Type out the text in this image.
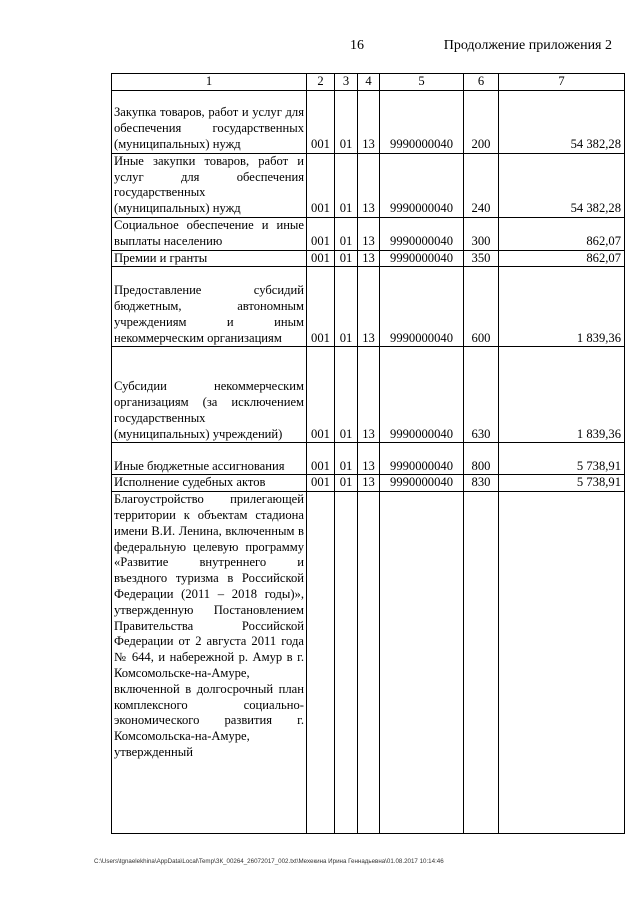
16	Продолжение приложения 2
1	2	3	4	5	6	7
Закупка товаров, работ и услуг для обеспечения государственных (муниципальных) нужд	001	01	13	9990000040	200	54 382,28
Иные закупки товаров, работ и услуг для обеспечения государственных (муниципальных) нужд	001	01	13	9990000040	240	54 382,28
Социальное обеспечение и иные выплаты населению	001	01	13	9990000040	300	862,07
Премии и гранты	001	01	13	9990000040	350	862,07
Предоставление субсидий бюджетным, автономным учреждениям и иным некоммерческим организациям	001	01	13	9990000040	600	1 839,36
Субсидии некоммерческим организациям (за исключением государственных (муниципальных) учреждений)	001	01	13	9990000040	630	1 839,36
Иные бюджетные ассигнования	001	01	13	9990000040	800	5 738,91
Исполнение судебных актов	001	01	13	9990000040	830	5 738,91
Благоустройство прилегающей территории к объектам стадиона имени В.И. Ленина, включенным в федеральную целевую программу «Развитие внутреннего и въездного туризма в Российской Федерации (2011 – 2018 годы)», утвержденную Постановлением Правительства Российской Федерации от 2 августа 2011 года № 644, и набережной р. Амур в г. Комсомольске-на-Амуре, включенной в долгосрочный план комплексного социально-экономического развития г. Комсомольска-на-Амуре, утвержденный						
C:\Users\tgnaelekhina\AppData\Local\Temp\ЗК_00264_26072017_002.txt\Мехекина Ирина Геннадьевна\01.08.2017 10:14:46
